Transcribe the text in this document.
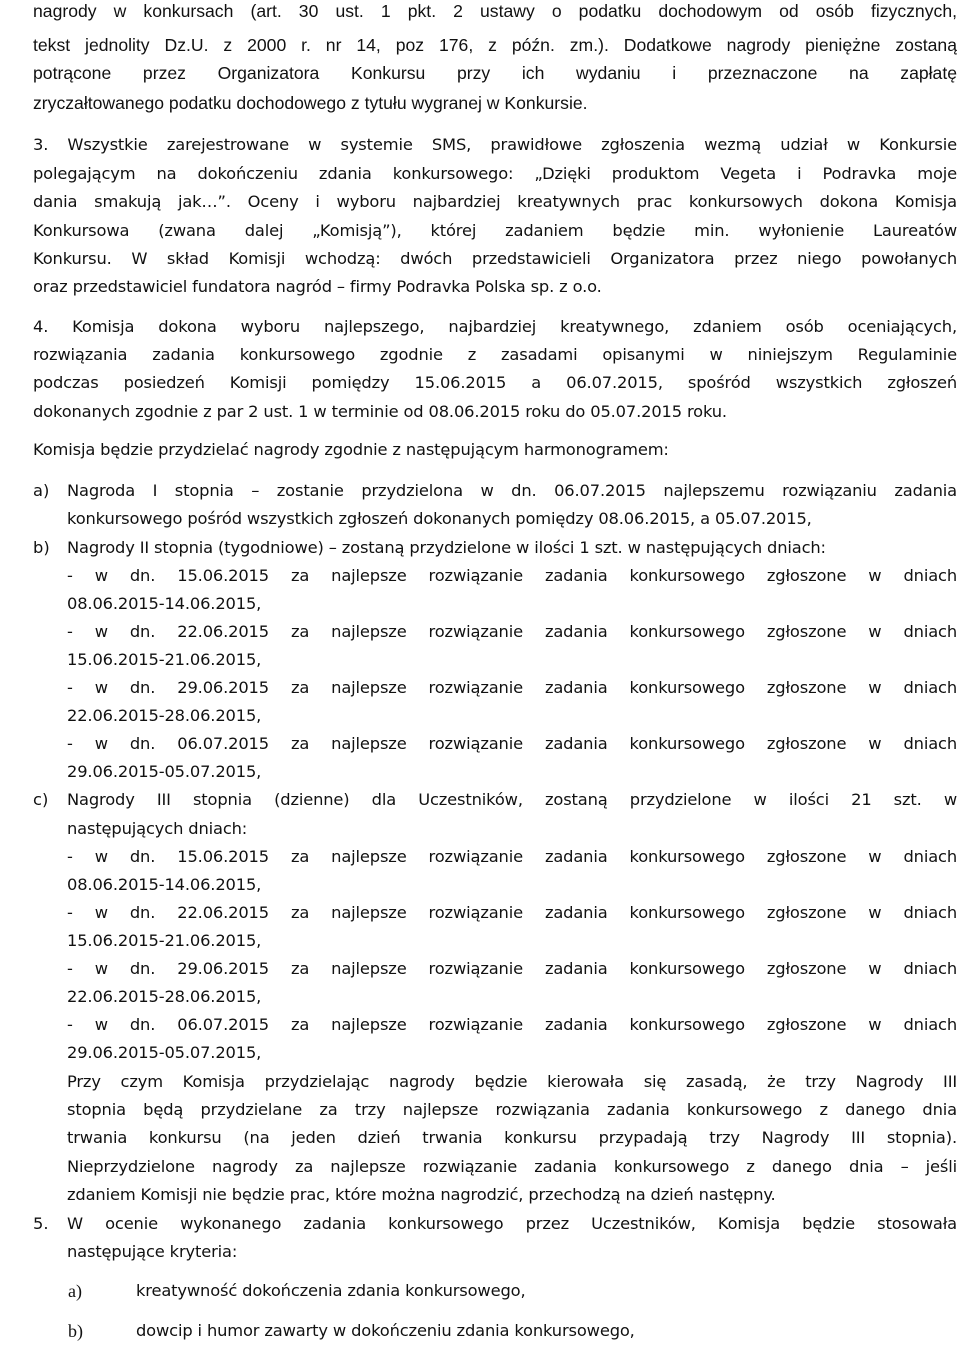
nagrody w konkursach (art. 30 ust. 1 pkt. 2 ustawy o podatku dochodowym od osób fizycznych,
tekst jednolity Dz.U. z 2000 r. nr 14, poz 176, z późn. zm.). Dodatkowe nagrody pieniężne zostaną
potrącone przez Organizatora Konkursu przy ich wydaniu i przeznaczone na zapłatę
zryczałtowanego podatku dochodowego z tytułu wygranej w Konkursie.
3. Wszystkie zarejestrowane w systemie SMS, prawidłowe zgłoszenia wezmą udział w Konkursie
polegającym na dokończeniu zdania konkursowego: „Dzięki produktom Vegeta i Podravka moje
dania smakują jak…”. Oceny i wyboru najbardziej kreatywnych prac konkursowych dokona Komisja
Konkursowa (zwana dalej „Komisją”), której zadaniem będzie min. wyłonienie Laureatów
Konkursu. W skład Komisji wchodzą: dwóch przedstawicieli Organizatora przez niego powołanych
oraz przedstawiciel fundatora nagród – firmy Podravka Polska sp. z o.o.
4. Komisja dokona wyboru najlepszego, najbardziej kreatywnego, zdaniem osób oceniających,
rozwiązania zadania konkursowego zgodnie z zasadami opisanymi w niniejszym Regulaminie
podczas posiedzeń Komisji pomiędzy 15.06.2015 a 06.07.2015, spośród wszystkich zgłoszeń
dokonanych zgodnie z par 2 ust. 1 w terminie od 08.06.2015 roku do 05.07.2015 roku.
Komisja będzie przydzielać nagrody zgodnie z następującym harmonogramem:
a) Nagroda I stopnia – zostanie przydzielona w dn. 06.07.2015 najlepszemu rozwiązaniu zadania
konkursowego pośród wszystkich zgłoszeń dokonanych pomiędzy 08.06.2015, a 05.07.2015,
b) Nagrody II stopnia (tygodniowe) – zostaną przydzielone w ilości 1 szt. w następujących dniach:
- w dn. 15.06.2015 za najlepsze rozwiązanie zadania konkursowego zgłoszone w dniach
08.06.2015-14.06.2015,
- w dn. 22.06.2015 za najlepsze rozwiązanie zadania konkursowego zgłoszone w dniach
15.06.2015-21.06.2015,
- w dn. 29.06.2015 za najlepsze rozwiązanie zadania konkursowego zgłoszone w dniach
22.06.2015-28.06.2015,
- w dn. 06.07.2015 za najlepsze rozwiązanie zadania konkursowego zgłoszone w dniach
29.06.2015-05.07.2015,
c) Nagrody III stopnia (dzienne) dla Uczestników, zostaną przydzielone w ilości 21 szt. w
następujących dniach:
- w dn. 15.06.2015 za najlepsze rozwiązanie zadania konkursowego zgłoszone w dniach
08.06.2015-14.06.2015,
- w dn. 22.06.2015 za najlepsze rozwiązanie zadania konkursowego zgłoszone w dniach
15.06.2015-21.06.2015,
- w dn. 29.06.2015 za najlepsze rozwiązanie zadania konkursowego zgłoszone w dniach
22.06.2015-28.06.2015,
- w dn. 06.07.2015 za najlepsze rozwiązanie zadania konkursowego zgłoszone w dniach
29.06.2015-05.07.2015,
Przy czym Komisja przydzielając nagrody będzie kierowała się zasadą, że trzy Nagrody III
stopnia będą przydzielane za trzy najlepsze rozwiązania zadania konkursowego z danego dnia
trwania konkursu (na jeden dzień trwania konkursu przypadają trzy Nagrody III stopnia).
Nieprzydzielone nagrody za najlepsze rozwiązanie zadania konkursowego z danego dnia – jeśli
zdaniem Komisji nie będzie prac, które można nagrodzić, przechodzą na dzień następny.
5. W ocenie wykonanego zadania konkursowego przez Uczestników, Komisja będzie stosowała
następujące kryteria:
a)	kreatywność dokończenia zdania konkursowego,
b)	dowcip i humor zawarty w dokończeniu zdania konkursowego,
